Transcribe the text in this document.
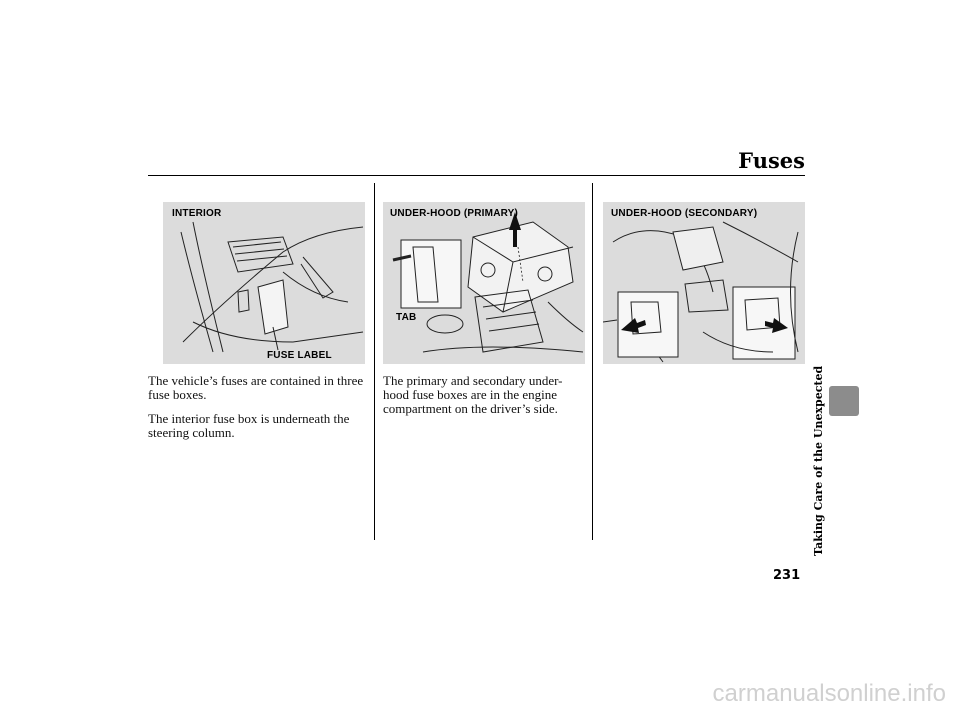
Fuses
INTERIOR
FUSE LABEL
UNDER-HOOD (PRIMARY)
TAB
UNDER-HOOD (SECONDARY)

The vehicle’s fuses are contained in three fuse boxes.

The interior fuse box is underneath the steering column.

The primary and secondary under-hood fuse boxes are in the engine compartment on the driver’s side.	Taking Care of the Unexpected
231
carmanualsonline.info
